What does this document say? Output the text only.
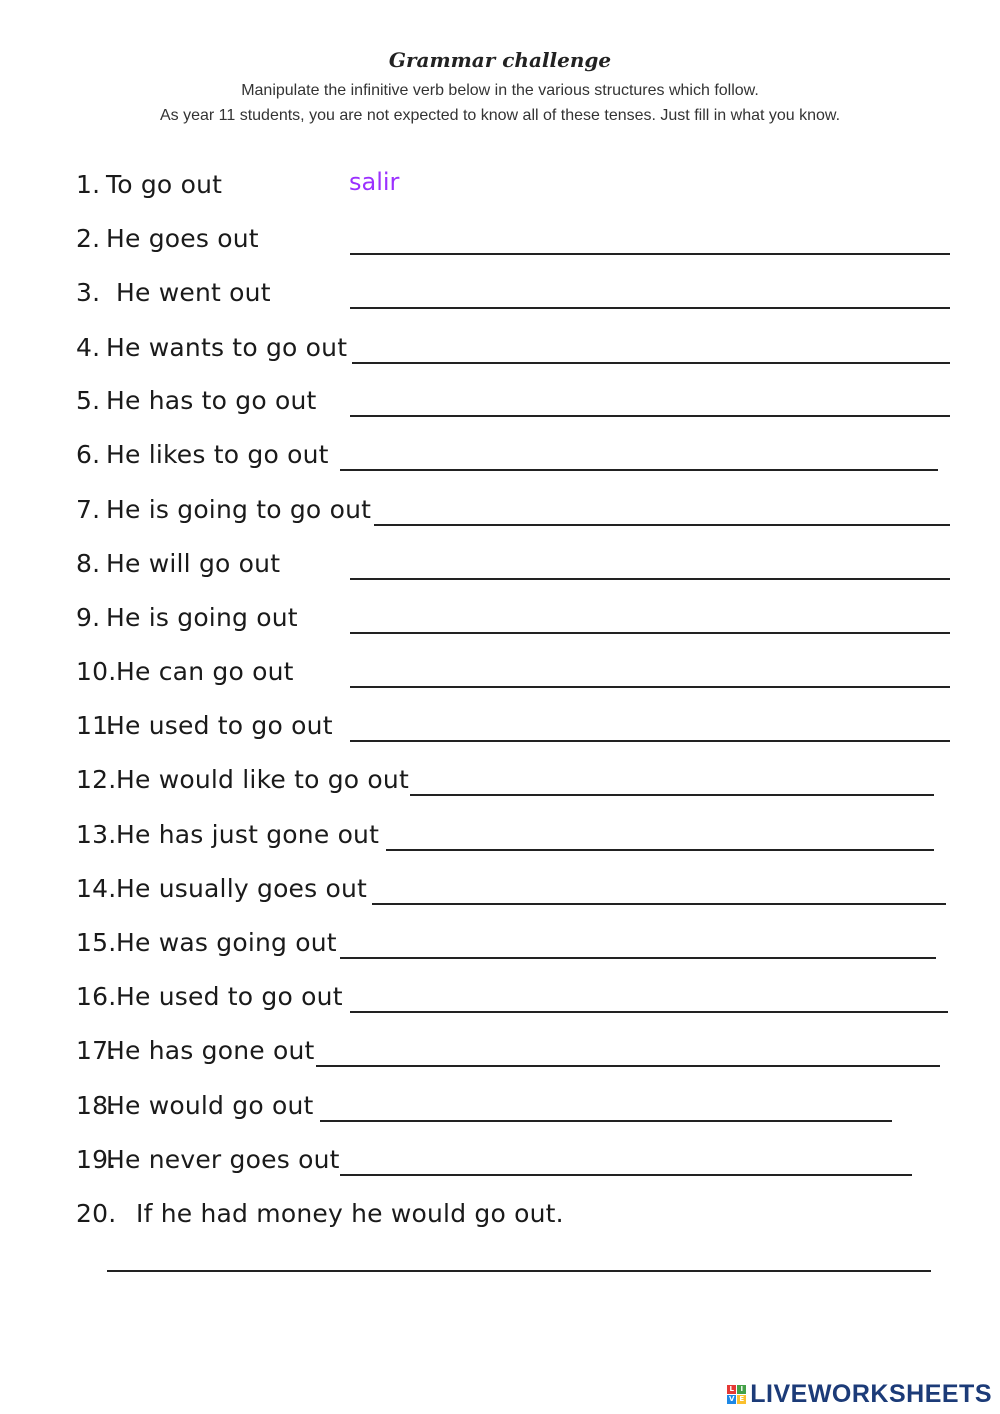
Grammar challenge
Manipulate the infinitive verb below in the various structures which follow.
As year 11 students, you are not expected to know all of these tenses. Just fill in what you know.
1. To go out	salir
2. He goes out
3. He went out
4. He wants to go out
5. He has to go out
6. He likes to go out
7. He is going to go out
8. He will go out
9. He is going out
10. He can go out
11.
He used to go out
12. He would like to go out
13. He has just gone out
14. He usually goes out
15. He was going out
16. He used to go out
17.
He has gone out
18.
He would go out
19.
He never goes out
20. If he had money he would go out.
L I
V E LIVEWORKSHEETS
